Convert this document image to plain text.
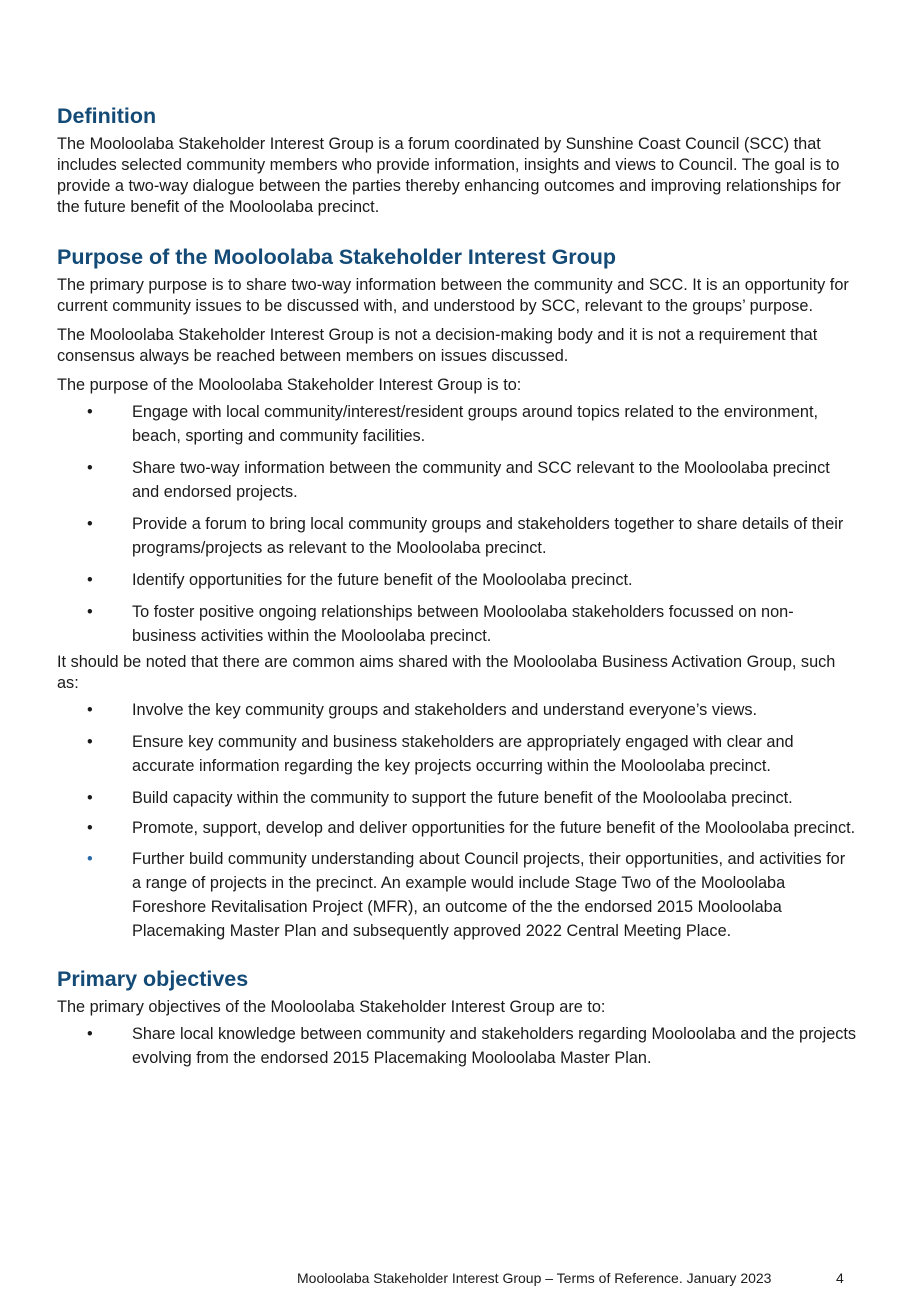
Definition

The Mooloolaba Stakeholder Interest Group is a forum coordinated by Sunshine Coast Council (SCC) that includes selected community members who provide information, insights and views to Council. The goal is to provide a two-way dialogue between the parties thereby enhancing outcomes and improving relationships for the future benefit of the Mooloolaba precinct.

Purpose of the Mooloolaba Stakeholder Interest Group

The primary purpose is to share two-way information between the community and SCC. It is an opportunity for current community issues to be discussed with, and understood by SCC, relevant to the groups’ purpose.

The Mooloolaba Stakeholder Interest Group is not a decision-making body and it is not a requirement that consensus always be reached between members on issues discussed.

The purpose of the Mooloolaba Stakeholder Interest Group is to:

• Engage with local community/interest/resident groups around topics related to the environment, beach, sporting and community facilities.
• Share two-way information between the community and SCC relevant to the Mooloolaba precinct and endorsed projects.
• Provide a forum to bring local community groups and stakeholders together to share details of their programs/projects as relevant to the Mooloolaba precinct.
• Identify opportunities for the future benefit of the Mooloolaba precinct.
• To foster positive ongoing relationships between Mooloolaba stakeholders focussed on non-business activities within the Mooloolaba precinct.

It should be noted that there are common aims shared with the Mooloolaba Business Activation Group, such as:

• Involve the key community groups and stakeholders and understand everyone’s views.
• Ensure key community and business stakeholders are appropriately engaged with clear and accurate information regarding the key projects occurring within the Mooloolaba precinct.
• Build capacity within the community to support the future benefit of the Mooloolaba precinct.
• Promote, support, develop and deliver opportunities for the future benefit of the Mooloolaba precinct.
• Further build community understanding about Council projects, their opportunities, and activities for a range of projects in the precinct. An example would include Stage Two of the Mooloolaba Foreshore Revitalisation Project (MFR), an outcome of the the endorsed 2015 Mooloolaba Placemaking Master Plan and subsequently approved 2022 Central Meeting Place.
Primary objectives

The primary objectives of the Mooloolaba Stakeholder Interest Group are to:

• Share local knowledge between community and stakeholders regarding Mooloolaba and the projects evolving from the endorsed 2015 Placemaking Mooloolaba Master Plan.
Mooloolaba Stakeholder Interest Group – Terms of Reference. January 2023	4
